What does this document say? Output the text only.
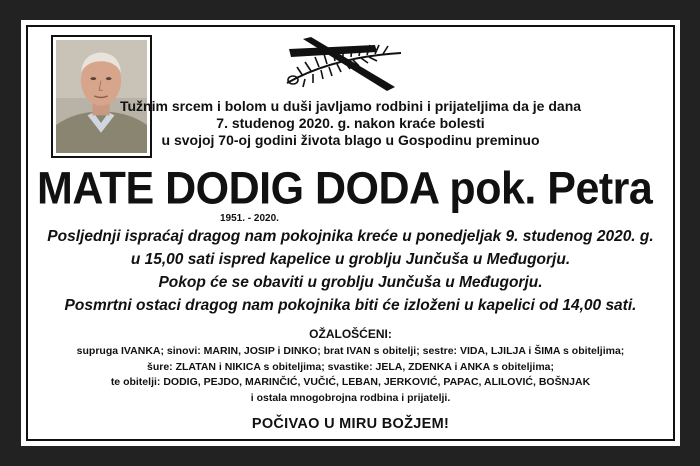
Tužnim srcem i bolom u duši javljamo rodbini i prijateljima da je dana
7. studenog 2020. g. nakon kraće bolesti
u svojoj 70-oj godini života blago u Gospodinu preminuo
MATE DODIG DODA pok. Petra
1951. - 2020.
Posljednji ispraćaj dragog nam pokojnika kreće u ponedjeljak 9. studenog 2020. g.
u 15,00 sati ispred kapelice u groblju Junčuša u Međugorju.
Pokop će se obaviti u groblju Junčuša u Međugorju.
Posmrtni ostaci dragog nam pokojnika biti će izloženi u kapelici od 14,00 sati.
OŽALOŠĆENI:
supruga IVANKA; sinovi: MARIN, JOSIP i DINKO; brat IVAN s obitelji; sestre: VIDA, LJILJA i ŠIMA s obiteljima;
šure: ZLATAN i NIKICA s obiteljima; svastike: JELA, ZDENKA i ANKA s obiteljima;
te obitelji: DODIG, PEJDO, MARINČIĆ, VUČIĆ, LEBAN, JERKOVIĆ, PAPAC, ALILOVIĆ, BOŠNJAK
i ostala mnogobrojna rodbina i prijatelji.
POČIVAO U MIRU BOŽJEM!
